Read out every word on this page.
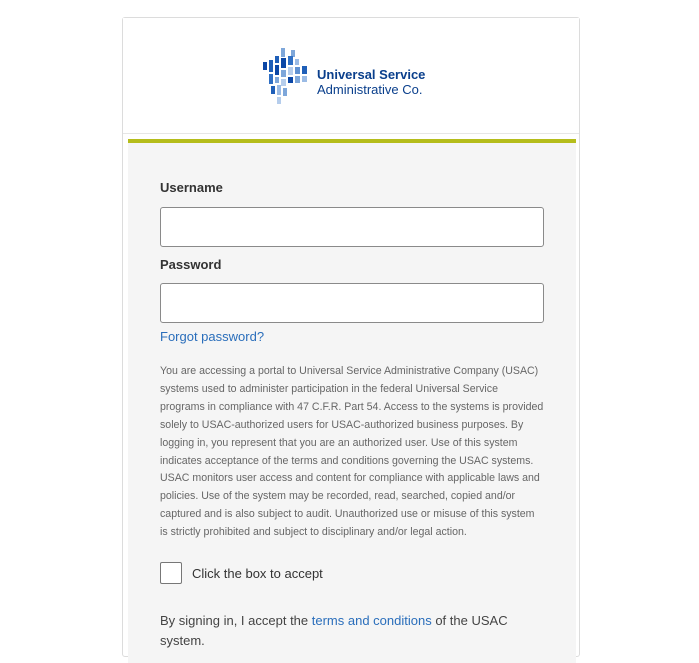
Universal Service
Administrative Co.
Username
Password
Forgot password?

You are accessing a portal to Universal Service Administrative Company (USAC) systems used to administer participation in the federal Universal Service programs in compliance with 47 C.F.R. Part 54. Access to the systems is provided solely to USAC-authorized users for USAC-authorized business purposes. By logging in, you represent that you are an authorized user. Use of this system indicates acceptance of the terms and conditions governing the USAC systems. USAC monitors user access and content for compliance with applicable laws and policies. Use of the system may be recorded, read, searched, copied and/or captured and is also subject to audit. Unauthorized use or misuse of this system is strictly prohibited and subject to disciplinary and/or legal action.

Click the box to accept
By signing in, I accept the terms and conditions of the USAC system.
